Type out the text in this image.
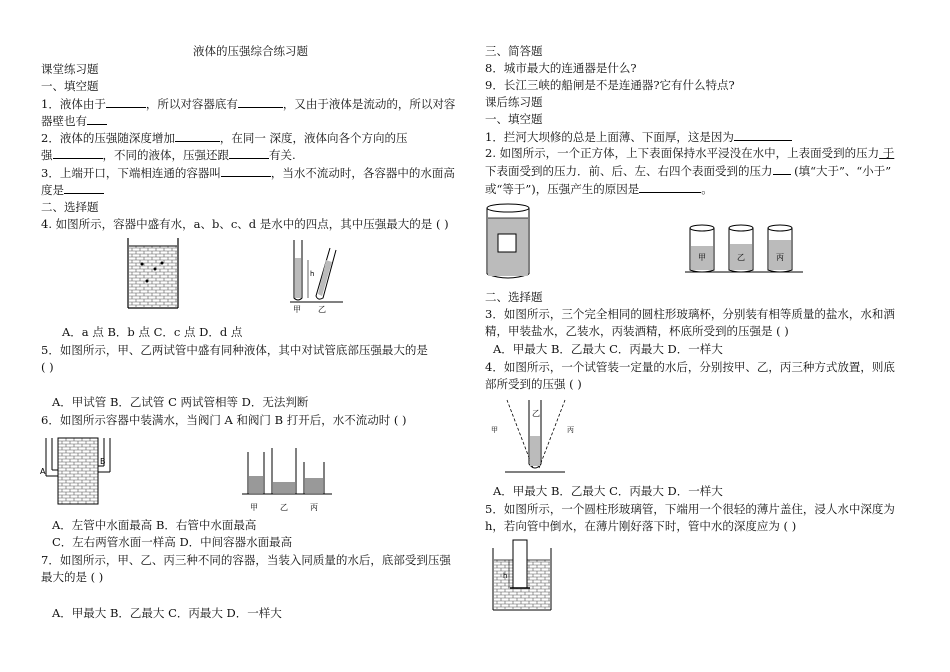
液体的压强综合练习题
课堂练习题
一、填空题
1．液体由于	，所以对容器底有	，又由于液体是流动的，所以对容
器壁也有
2．液体的压强随深度增加	，在同一 深度，液体向各个方向的压
强	，不同的液体，压强还跟	有关.
3．上端开口，下端相连通的容器叫	，当水不流动时，各容器中的水面高
度是
二、选择题
4. 如图所示，容器中盛有水，a、b、c、d 是水中的四点，其中压强最大的是 ( )
h
甲 乙
A．a 点 B．b 点 C．c 点 D．d 点
5．如图所示，甲、乙两试管中盛有同种液体，其中对试管底部压强最大的是
( )
A．甲试管 B．乙试管 C 两试管相等 D．无法判断
6．如图所示容器中装满水，当阀门 A 和阀门 B 打开后，水不流动时 ( )
A
B
甲	乙	丙
A．左管中水面最高 B．右管中水面最高
C．左右两管水面一样高 D．中间容器水面最高
7．如图所示，甲、乙、丙三种不同的容器，当装入同质量的水后，底部受到压强
最大的是 ( )
A．甲最大 B．乙最大 C．丙最大 D．一样大
三、简答题
8．城市最大的连通器是什么?
9．长江三峡的船闸是不是连通器?它有什么特点?
课后练习题
一、填空题
1．拦河大坝修的总是上面薄、下面厚，这是因为
2. 如图所示，一个正方体，上下表面保持水平浸没在水中，上表面受到的压力 于
下表面受到的压力．前、后、左、右四个表面受到的压力 (填“大于”、“小于”
或“等于”)，压强产生的原因是	。
甲	乙	丙
二、选择题
3．如图所示，三个完全相同的圆柱形玻璃杯，分别装有相等质量的盐水，水和酒
精，甲装盐水，乙装水，丙装酒精，杯底所受到的压强是 ( )
A．甲最大 B．乙最大 C．丙最大 D．一样大
4．如图所示，一个试管装一定量的水后，分别按甲、乙，丙三种方式放置，则底
部所受到的压强 ( )
乙
甲	丙
A．甲最大 B．乙最大 C．丙最大 D．一样大
5．如图所示，一个圆柱形玻璃管，下端用一个很轻的薄片盖住，浸人水中深度为
h，若向管中倒水，在薄片刚好落下时，管中水的深度应为 ( )
h
